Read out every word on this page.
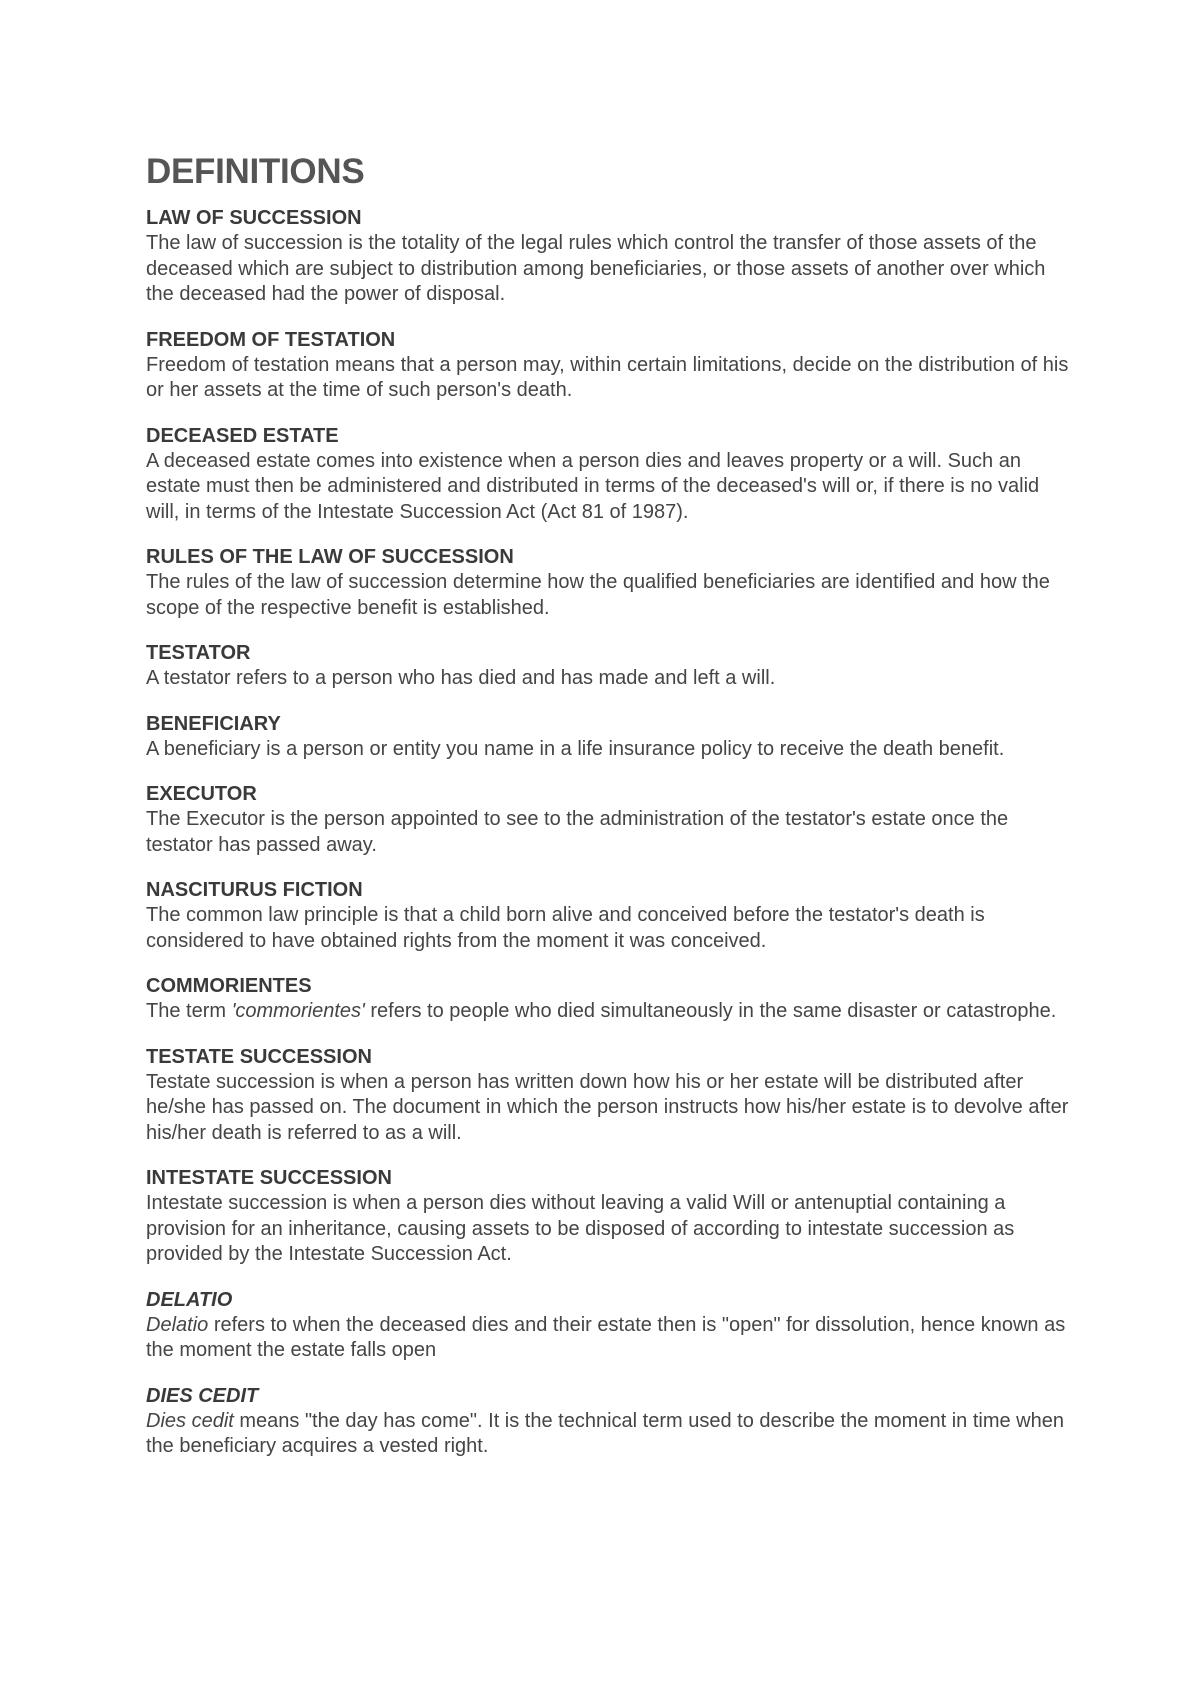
DEFINITIONS

LAW OF SUCCESSION

The law of succession is the totality of the legal rules which control the transfer of those assets of the deceased which are subject to distribution among beneficiaries, or those assets of another over which the deceased had the power of disposal.

FREEDOM OF TESTATION

Freedom of testation means that a person may, within certain limitations, decide on the distribution of his or her assets at the time of such person's death.

DECEASED ESTATE

A deceased estate comes into existence when a person dies and leaves property or a will. Such an estate must then be administered and distributed in terms of the deceased's will or, if there is no valid will, in terms of the Intestate Succession Act (Act 81 of 1987).

RULES OF THE LAW OF SUCCESSION

The rules of the law of succession determine how the qualified beneficiaries are identified and how the scope of the respective benefit is established.

TESTATOR

A testator refers to a person who has died and has made and left a will.

BENEFICIARY

A beneficiary is a person or entity you name in a life insurance policy to receive the death benefit.

EXECUTOR

The Executor is the person appointed to see to the administration of the testator's estate once the testator has passed away.

NASCITURUS FICTION

The common law principle is that a child born alive and conceived before the testator's death is considered to have obtained rights from the moment it was conceived.

COMMORIENTES

The term 'commorientes' refers to people who died simultaneously in the same disaster or catastrophe.

TESTATE SUCCESSION

Testate succession is when a person has written down how his or her estate will be distributed after he/she has passed on. The document in which the person instructs how his/her estate is to devolve after his/her death is referred to as a will.

INTESTATE SUCCESSION

Intestate succession is when a person dies without leaving a valid Will or antenuptial containing a provision for an inheritance, causing assets to be disposed of according to intestate succession as provided by the Intestate Succession Act.

DELATIO

Delatio refers to when the deceased dies and their estate then is "open" for dissolution, hence known as the moment the estate falls open

DIES CEDIT

Dies cedit means "the day has come". It is the technical term used to describe the moment in time when the beneficiary acquires a vested right.
